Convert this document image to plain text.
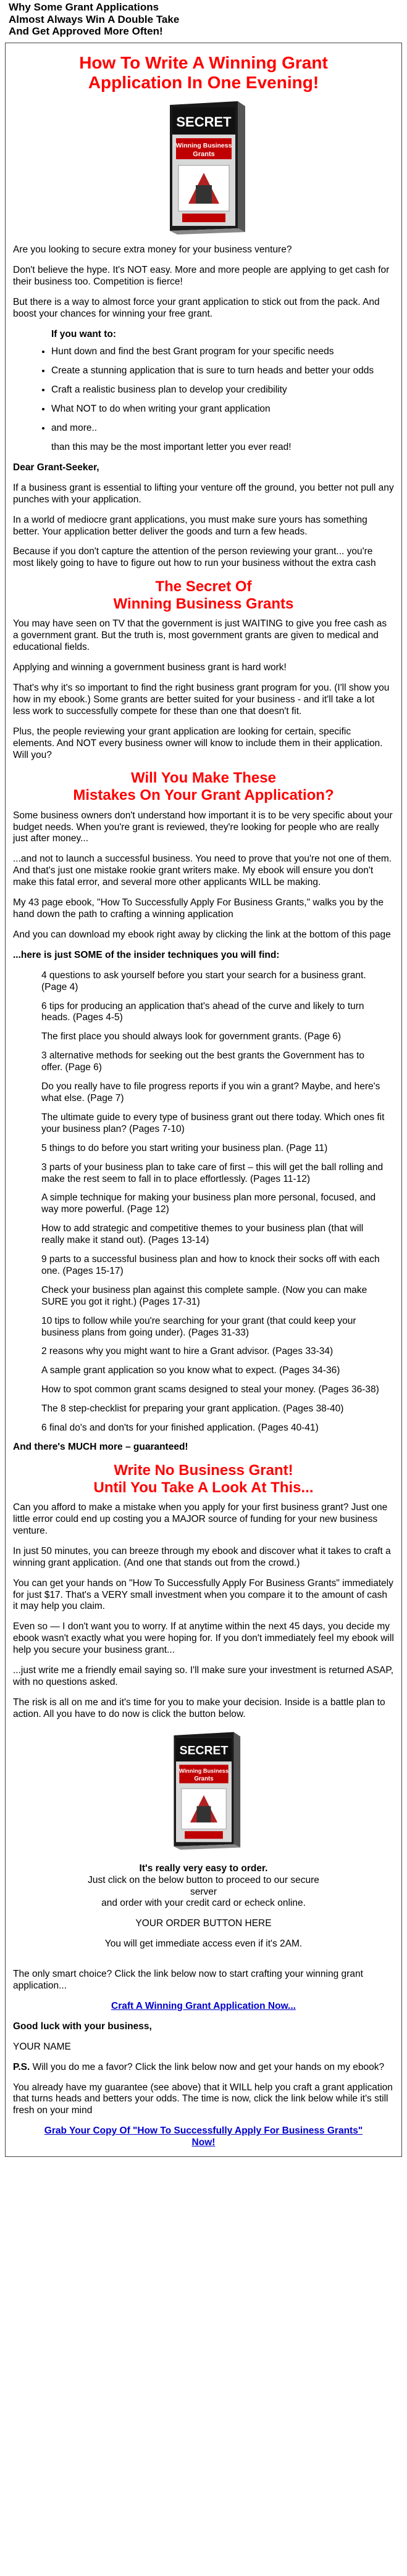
Why Some Grant Applications
Almost Always Win A Double Take
And Get Approved More Often!
How To Write A Winning Grant
Application In One Evening!
SECRET
Winning Business
Grants

Are you looking to secure extra money for your business venture?

Don't believe the hype. It's NOT easy. More and more people are applying to get cash for their business too. Competition is fierce!

But there is a way to almost force your grant application to stick out from the pack. And boost your chances for winning your free grant.

If you want to:
• Hunt down and find the best Grant program for your specific needs
• Create a stunning application that is sure to turn heads and better your odds
• Craft a realistic business plan to develop your credibility
• What NOT to do when writing your grant application
• and more..

than this may be the most important letter you ever read!

Dear Grant-Seeker,

If a business grant is essential to lifting your venture off the ground, you better not pull any punches with your application.

In a world of mediocre grant applications, you must make sure yours has something better. Your application better deliver the goods and turn a few heads.

Because if you don't capture the attention of the person reviewing your grant... you're most likely going to have to figure out how to run your business without the extra cash

The Secret Of
Winning Business Grants

You may have seen on TV that the government is just WAITING to give you free cash as a government grant. But the truth is, most government grants are given to medical and educational fields.

Applying and winning a government business grant is hard work!

That's why it's so important to find the right business grant program for you. (I'll show you how in my ebook.) Some grants are better suited for your business - and it'll take a lot less work to successfully compete for these than one that doesn't fit.

Plus, the people reviewing your grant application are looking for certain, specific elements. And NOT every business owner will know to include them in their application. Will you?

Will You Make These
Mistakes On Your Grant Application?

Some business owners don't understand how important it is to be very specific about your budget needs. When you're grant is reviewed, they're looking for people who are really just after money...

...and not to launch a successful business. You need to prove that you're not one of them. And that's just one mistake rookie grant writers make. My ebook will ensure you don't make this fatal error, and several more other applicants WILL be making.

My 43 page ebook, "How To Successfully Apply For Business Grants," walks you by the hand down the path to crafting a winning application

And you can download my ebook right away by clicking the link at the bottom of this page

...here is just SOME of the insider techniques you will find:

4 questions to ask yourself before you start your search for a business grant. (Page 4)

6 tips for producing an application that's ahead of the curve and likely to turn heads. (Pages 4-5)

The first place you should always look for government grants. (Page 6)

3 alternative methods for seeking out the best grants the Government has to offer. (Page 6)

Do you really have to file progress reports if you win a grant? Maybe, and here's what else. (Page 7)

The ultimate guide to every type of business grant out there today. Which ones fit your business plan? (Pages 7-10)

5 things to do before you start writing your business plan. (Page 11)

3 parts of your business plan to take care of first – this will get the ball rolling and make the rest seem to fall in to place effortlessly. (Pages 11-12)

A simple technique for making your business plan more personal, focused, and way more powerful. (Page 12)

How to add strategic and competitive themes to your business plan (that will really make it stand out). (Pages 13-14)

9 parts to a successful business plan and how to knock their socks off with each one. (Pages 15-17)

Check your business plan against this complete sample. (Now you can make SURE you got it right.) (Pages 17-31)

10 tips to follow while you're searching for your grant (that could keep your business plans from going under). (Pages 31-33)

2 reasons why you might want to hire a Grant advisor. (Pages 33-34)

A sample grant application so you know what to expect. (Pages 34-36)

How to spot common grant scams designed to steal your money. (Pages 36-38)

The 8 step-checklist for preparing your grant application. (Pages 38-40)

6 final do's and don'ts for your finished application. (Pages 40-41)

And there's MUCH more – guaranteed!

Write No Business Grant!
Until You Take A Look At This...

Can you afford to make a mistake when you apply for your first business grant? Just one little error could end up costing you a MAJOR source of funding for your new business venture.

In just 50 minutes, you can breeze through my ebook and discover what it takes to craft a winning grant application. (And one that stands out from the crowd.)

You can get your hands on "How To Successfully Apply For Business Grants" immediately for just $17. That's a VERY small investment when you compare it to the amount of cash it may help you claim.

Even so — I don't want you to worry. If at anytime within the next 45 days, you decide my ebook wasn't exactly what you were hoping for. If you don't immediately feel my ebook will help you secure your business grant...

...just write me a friendly email saying so. I'll make sure your investment is returned ASAP, with no questions asked.

The risk is all on me and it's time for you to make your decision. Inside is a battle plan to action. All you have to do now is click the button below.

SECRET
Winning Business
Grants
It's really very easy to order.
Just click on the below button to proceed to our secure
server
and order with your credit card or echeck online.
YOUR ORDER BUTTON HERE
You will get immediate access even if it's 2AM.

The only smart choice? Click the link below now to start crafting your winning grant application...

Craft A Winning Grant Application Now...

Good luck with your business,

YOUR NAME

P.S. Will you do me a favor? Click the link below now and get your hands on my ebook?

You already have my guarantee (see above) that it WILL help you craft a grant application that turns heads and betters your odds. The time is now, click the link below while it's still fresh on your mind

Grab Your Copy Of "How To Successfully Apply For Business Grants"
Now!
